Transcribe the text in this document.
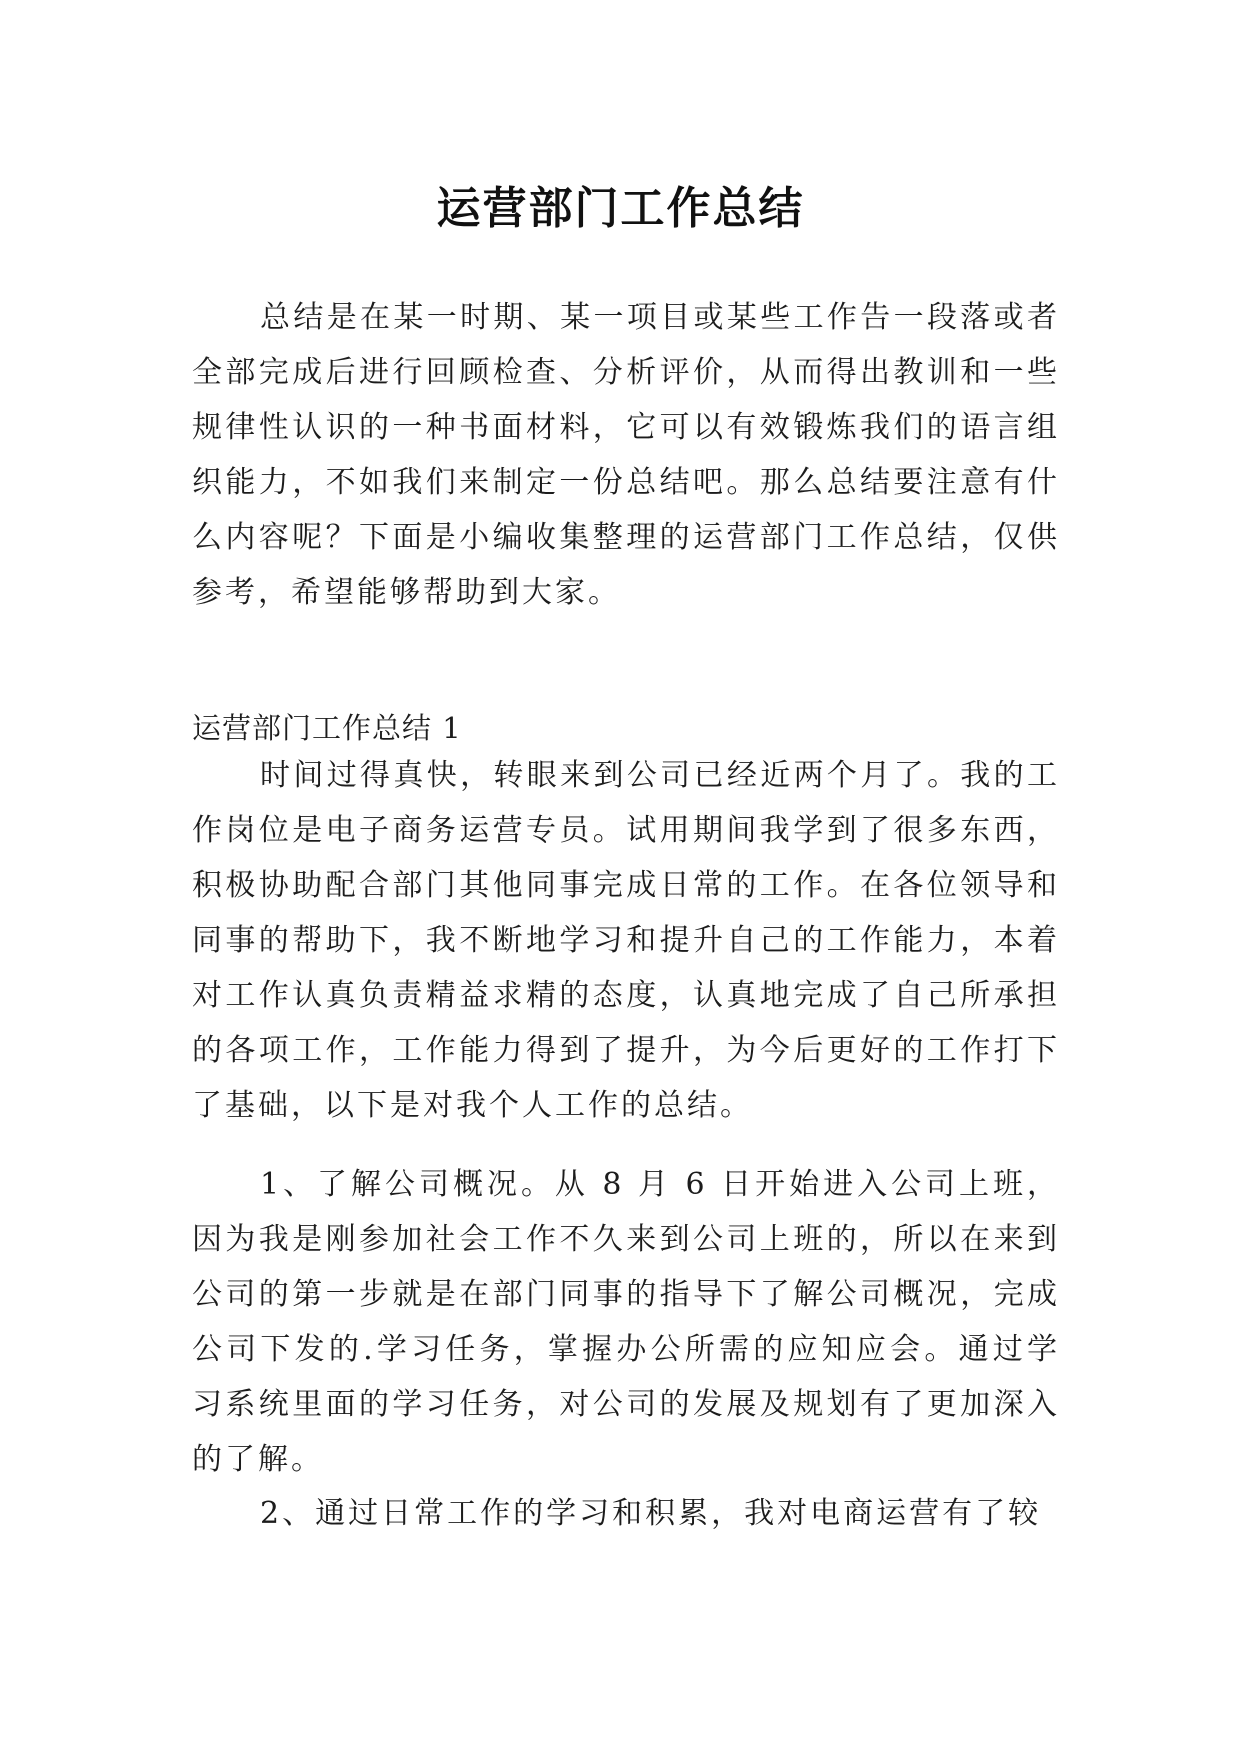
运营部门工作总结

总结是在某一时期、某一项目或某些工作告一段落或者全部完成后进行回顾检查、分析评价，从而得出教训和一些规律性认识的一种书面材料，它可以有效锻炼我们的语言组织能力，不如我们来制定一份总结吧。那么总结要注意有什么内容呢？下面是小编收集整理的运营部门工作总结，仅供参考，希望能够帮助到大家。

运营部门工作总结 1

时间过得真快，转眼来到公司已经近两个月了。我的工作岗位是电子商务运营专员。试用期间我学到了很多东西，积极协助配合部门其他同事完成日常的工作。在各位领导和同事的帮助下，我不断地学习和提升自己的工作能力，本着对工作认真负责精益求精的态度，认真地完成了自己所承担的各项工作，工作能力得到了提升，为今后更好的工作打下了基础，以下是对我个人工作的总结。

1、了解公司概况。从 8 月 6 日开始进入公司上班，因为我是刚参加社会工作不久来到公司上班的，所以在来到公司的第一步就是在部门同事的指导下了解公司概况，完成公司下发的.学习任务，掌握办公所需的应知应会。通过学习系统里面的学习任务，对公司的发展及规划有了更加深入的了解。

2、通过日常工作的学习和积累，我对电商运营有了较
